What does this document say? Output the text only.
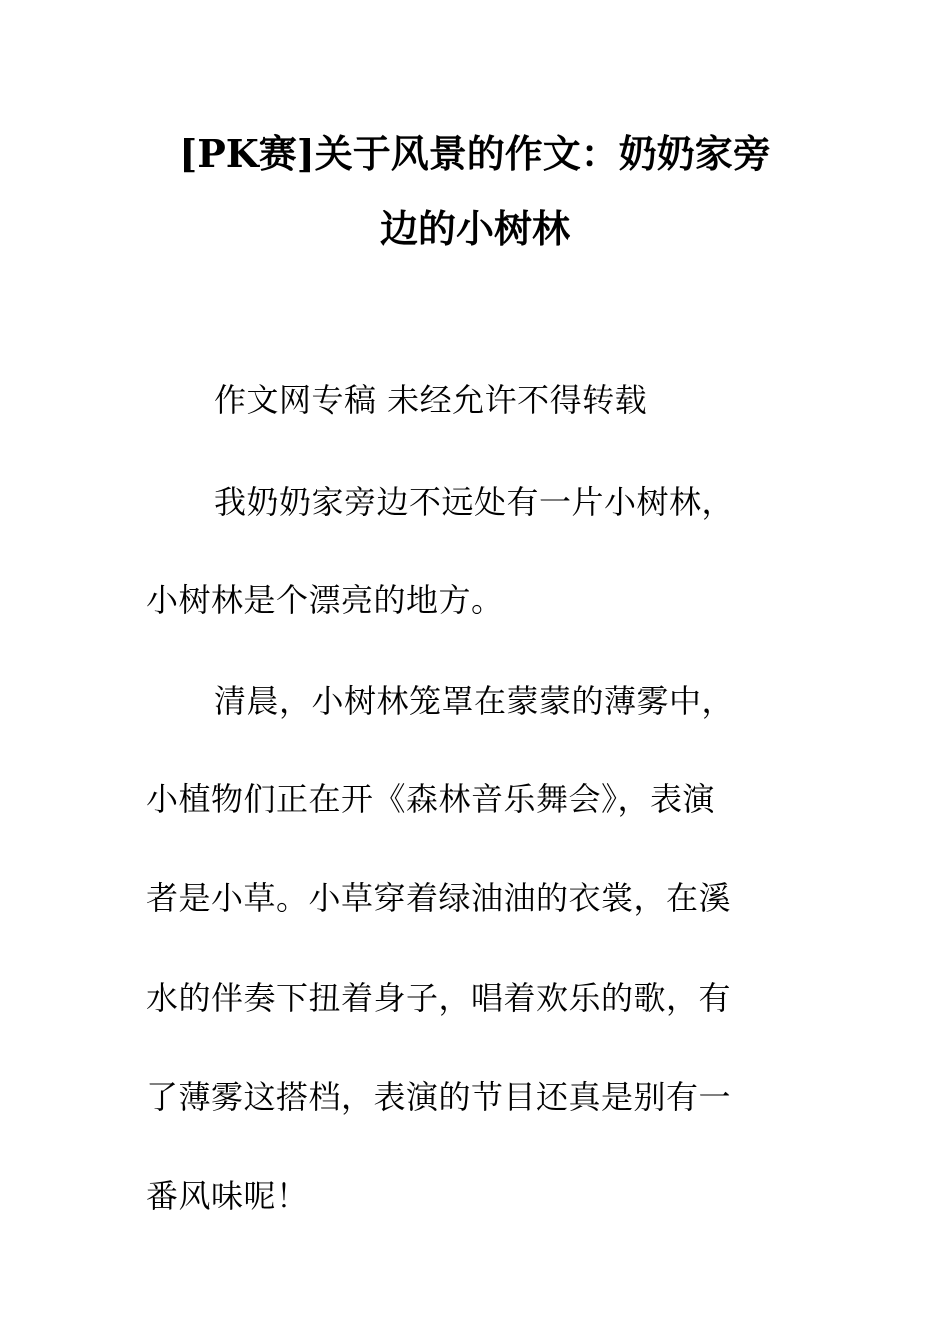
[PK赛]关于风景的作文：奶奶家旁
边的小树林
作文网专稿 未经允许不得转载
我奶奶家旁边不远处有一片小树林，
小树林是个漂亮的地方。
清晨，小树林笼罩在蒙蒙的薄雾中，
小植物们正在开《森林音乐舞会》，表演
者是小草。小草穿着绿油油的衣裳，在溪
水的伴奏下扭着身子，唱着欢乐的歌，有
了薄雾这搭档，表演的节目还真是别有一
番风味呢！
